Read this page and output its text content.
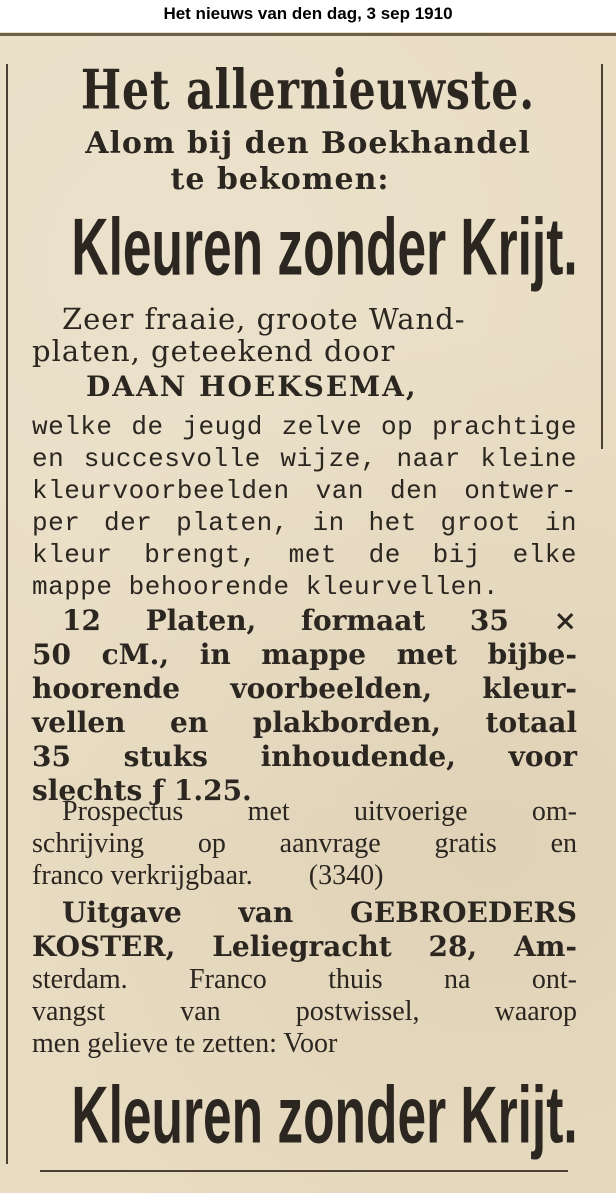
Het nieuws van den dag, 3 sep 1910
Het allernieuwste.
Alom bij den Boekhandel
te bekomen:
Kleuren zonder Krijt.
Zeer fraaie, groote Wand-
platen, geteekend door
DAAN HOEKSEMA,
welke de jeugd zelve op prachtige
en succesvolle wijze, naar kleine
kleurvoorbeelden van den ontwer-
per der platen, in het groot in
kleur brengt, met de bij elke
mappe behoorende kleurvellen.
12 Platen, formaat 35 ×
50 cM., in mappe met bijbe-
hoorende voorbeelden, kleur-
vellen en plakborden, totaal
35 stuks inhoudende, voor
slechts ƒ 1.25.
Prospectus met uitvoerige om-
schrijving op aanvrage gratis en
franco verkrijgbaar.        (3340)
Uitgave van GEBROEDERS
KOSTER, Leliegracht 28, Am-
sterdam. Franco thuis na ont-
vangst van postwissel, waarop
men gelieve te zetten: Voor
Kleuren zonder Krijt.
